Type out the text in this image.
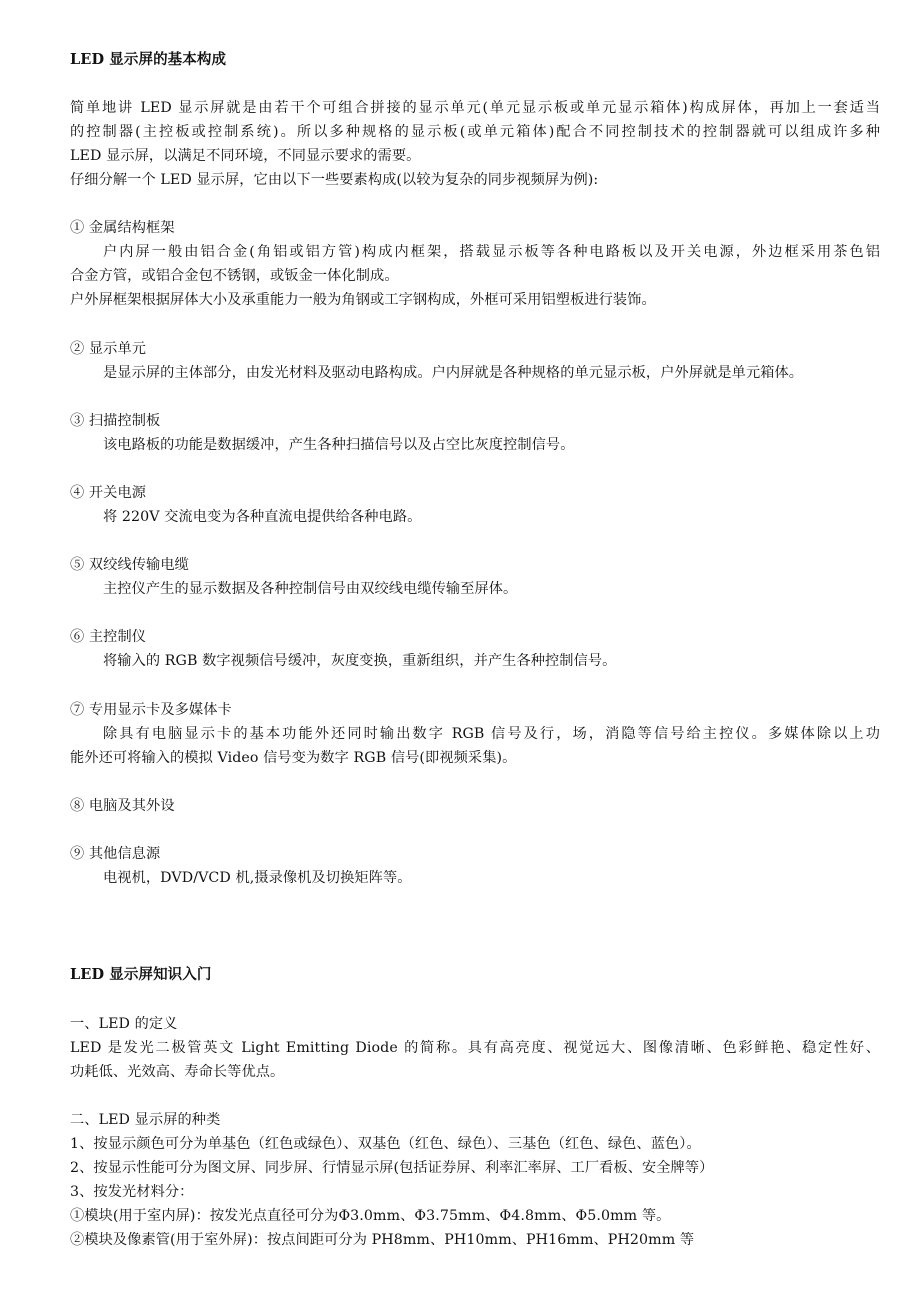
LED 显示屏的基本构成
简单地讲 LED 显示屏就是由若干个可组合拼接的显示单元(单元显示板或单元显示箱体)构成屏体，再加上一套适当
的控制器(主控板或控制系统)。所以多种规格的显示板(或单元箱体)配合不同控制技术的控制器就可以组成许多种
LED 显示屏，以满足不同环境，不同显示要求的需要。
仔细分解一个 LED 显示屏，它由以下一些要素构成(以较为复杂的同步视频屏为例):
① 金属结构框架
户内屏一般由铝合金(角铝或铝方管)构成内框架，搭载显示板等各种电路板以及开关电源，外边框采用茶色铝
合金方管，或铝合金包不锈钢，或钣金一体化制成。
户外屏框架根据屏体大小及承重能力一般为角钢或工字钢构成，外框可采用铝塑板进行装饰。
② 显示单元
是显示屏的主体部分，由发光材料及驱动电路构成。户内屏就是各种规格的单元显示板，户外屏就是单元箱体。
③ 扫描控制板
该电路板的功能是数据缓冲，产生各种扫描信号以及占空比灰度控制信号。
④ 开关电源
将 220V 交流电变为各种直流电提供给各种电路。
⑤ 双绞线传输电缆
主控仪产生的显示数据及各种控制信号由双绞线电缆传输至屏体。
⑥ 主控制仪
将输入的 RGB 数字视频信号缓冲，灰度变换，重新组织，并产生各种控制信号。
⑦ 专用显示卡及多媒体卡
除具有电脑显示卡的基本功能外还同时输出数字 RGB 信号及行，场，消隐等信号给主控仪。多媒体除以上功
能外还可将输入的模拟 Video 信号变为数字 RGB 信号(即视频采集)。
⑧ 电脑及其外设
⑨ 其他信息源
电视机，DVD/VCD 机,摄录像机及切换矩阵等。
LED 显示屏知识入门
一、LED 的定义
LED 是发光二极管英文 Light Emitting Diode 的简称。具有高亮度、视觉远大、图像清晰、色彩鲜艳、稳定性好、
功耗低、光效高、寿命长等优点。
二、LED 显示屏的种类
1、按显示颜色可分为单基色（红色或绿色）、双基色（红色、绿色）、三基色（红色、绿色、蓝色）。
2、按显示性能可分为图文屏、同步屏、行情显示屏(包括证券屏、利率汇率屏、工厂看板、安全牌等）
3、按发光材料分：
①模块(用于室内屏)：按发光点直径可分为Φ3.0mm、Φ3.75mm、Φ4.8mm、Φ5.0mm 等。
②模块及像素管(用于室外屏)：按点间距可分为 PH8mm、PH10mm、PH16mm、PH20mm 等
